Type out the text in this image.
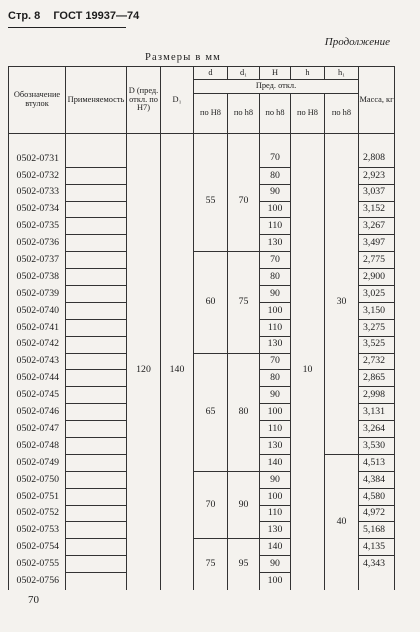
Стр. 8 ГОСТ 19937—74
Продолжение
Размеры в мм
Обозначение втулок	Применяемость	D (пред. откл. по H7)	D₁	d	d₁	H	h	h₁	Масса, кг
				Пред. откл.					
				по H8	по h8	по h8	по H8	по h8	

0502-0731		120	140	55	70	70	10	30	2,808
0502-0732						80			2,923
0502-0733						90			3,037
0502-0734						100			3,152
0502-0735						110			3,267
0502-0736						130			3,497
0502-0737				60	75	70			2,775
0502-0738						80			2,900
0502-0739						90			3,025
0502-0740						100			3,150
0502-0741						110			3,275
0502-0742						130			3,525
0502-0743				65	80	70			2,732
0502-0744						80			2,865
0502-0745						90			2,998
0502-0746						100			3,131
0502-0747						110			3,264
0502-0748						130			3,530
0502-0749						140		40	4,513
0502-0750				70	90	90			4,384
0502-0751						100			4,580
0502-0752						110			4,972
0502-0753						130			5,168
0502-0754				75	95	140			4,135
0502-0755						90			4,343
0502-0756						100			
70
